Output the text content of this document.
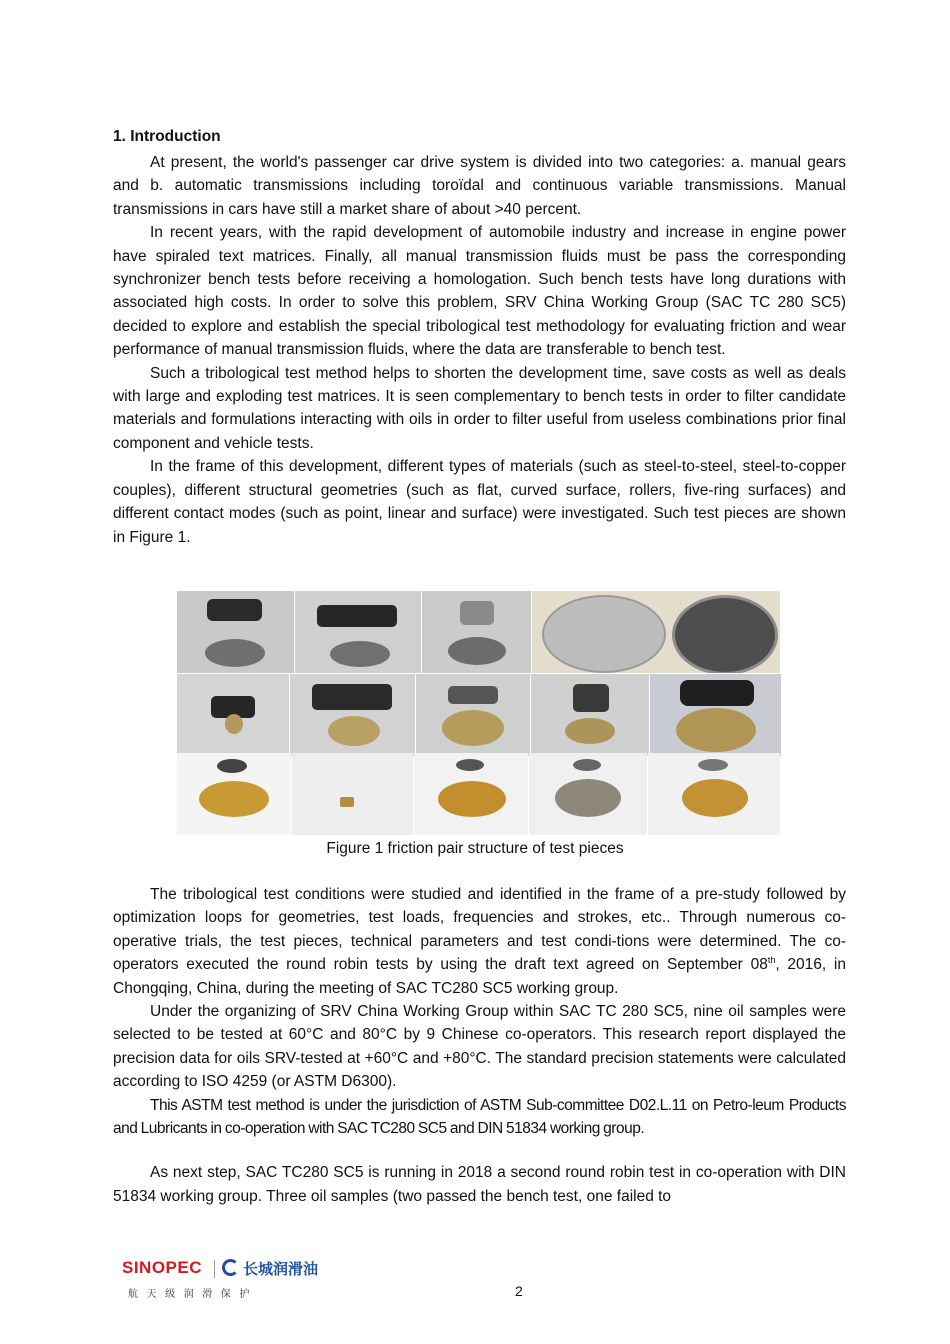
1. Introduction

At present, the world's passenger car drive system is divided into two categories: a. manual gears and b. automatic transmissions including toroïdal and continuous variable transmissions. Manual transmissions in cars have still a market share of about >40 percent.

In recent years, with the rapid development of automobile industry and increase in engine power have spiraled text matrices. Finally, all manual transmission fluids must be pass the corresponding synchronizer bench tests before receiving a homologation. Such bench tests have long durations with associated high costs. In order to solve this problem, SRV China Working Group (SAC TC 280 SC5) decided to explore and establish the special tribological test methodology for evaluating friction and wear performance of manual transmission fluids, where the data are transferable to bench test.

Such a tribological test method helps to shorten the development time, save costs as well as deals with large and exploding test matrices. It is seen complementary to bench tests in order to filter candidate materials and formulations interacting with oils in order to filter useful from useless combinations prior final component and vehicle tests.

In the frame of this development, different types of materials (such as steel-to-steel, steel-to-copper couples), different structural geometries (such as flat, curved surface, rollers, five-ring surfaces) and different contact modes (such as point, linear and surface) were investigated. Such test pieces are shown in Figure 1.

Figure 1 friction pair structure of test pieces

The tribological test conditions were studied and identified in the frame of a pre-study followed by optimization loops for geometries, test loads, frequencies and strokes, etc.. Through numerous co-operative trials, the test pieces, technical parameters and test condi-tions were determined. The co-operators executed the round robin tests by using the draft text agreed on September 08th, 2016, in Chongqing, China, during the meeting of SAC TC280 SC5 working group.

Under the organizing of SRV China Working Group within SAC TC 280 SC5, nine oil samples were selected to be tested at 60°C and 80°C by 9 Chinese co-operators. This research report displayed the precision data for oils SRV-tested at +60°C and +80°C. The standard precision statements were calculated according to ISO 4259 (or ASTM D6300).

This ASTM test method is under the jurisdiction of ASTM Sub-committee D02.L.11 on Petro-leum Products and Lubricants in co-operation with SAC TC280 SC5 and DIN 51834 working group.

As next step, SAC TC280 SC5 is running in 2018 a second round robin test in co-operation with DIN 51834 working group. Three oil samples (two passed the bench test, one failed to

SINOPEC	长城润滑油
航  天  级  润  滑  保  护	2
